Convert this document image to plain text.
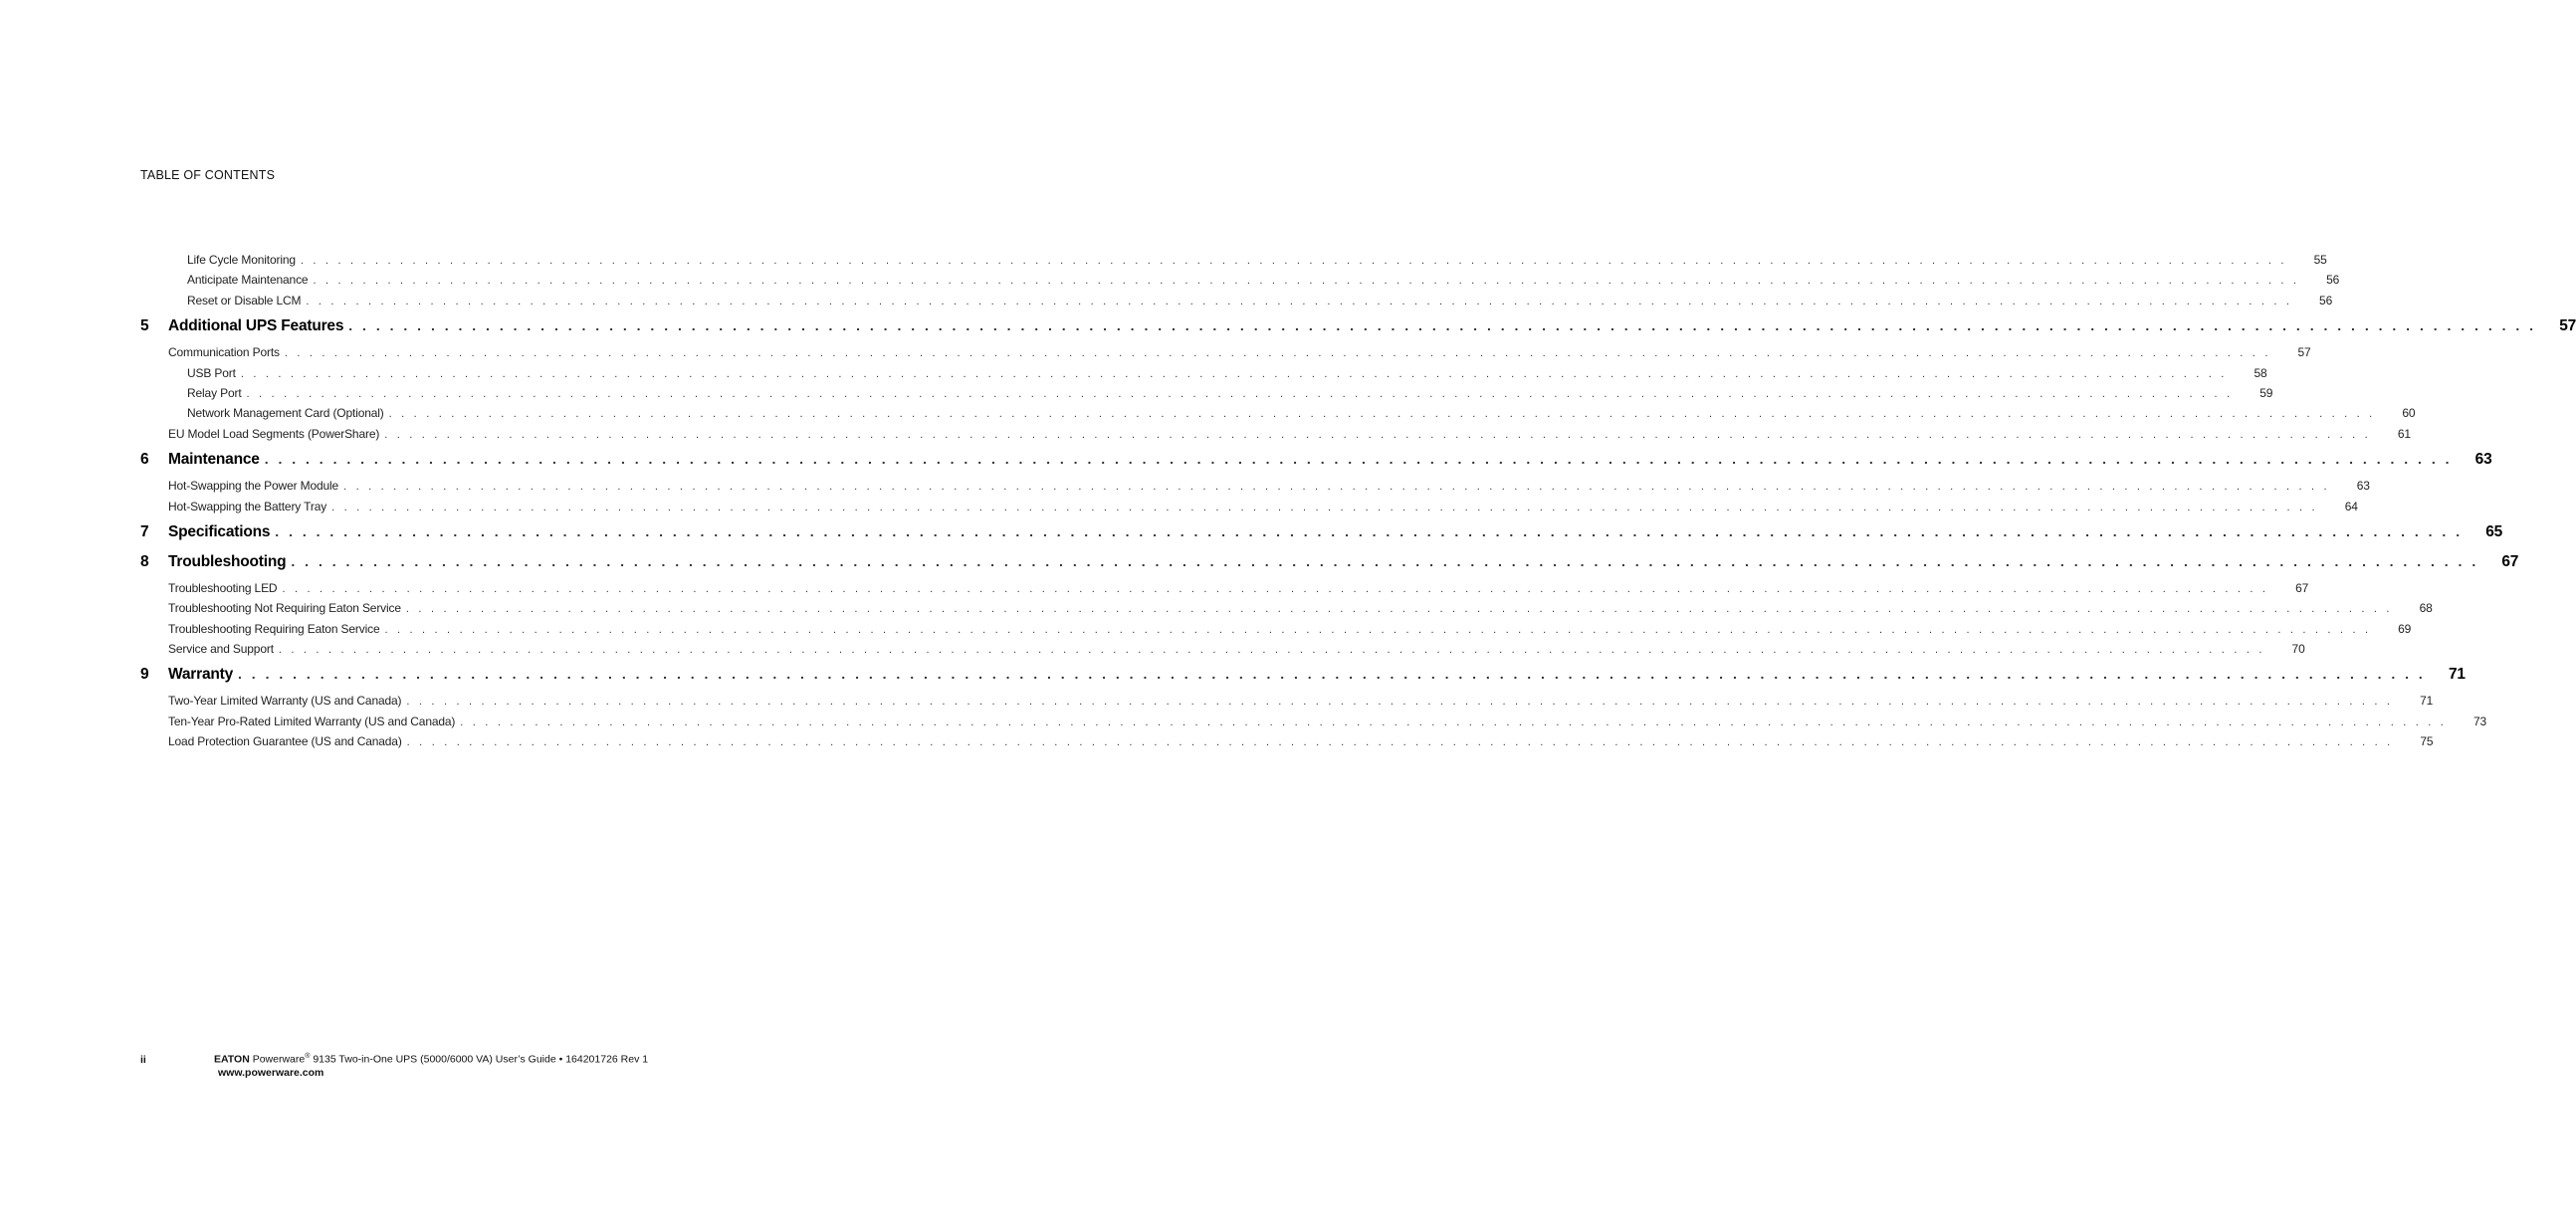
TABLE OF CONTENTS
Life Cycle Monitoring . . . . . . . . . . . . . . . . . . . . . . . . . . . . . . . . . . . . . . . . . . . . . . . . . . . . . . . . . . . . . . . . . . . . . . . . . . . . . . . . . . . . . . . . . . . . . . . . . . . . . . . . . . . . . . . . . . . . . . . . . . . . . . . . . . . . . . . . . . . . . . . . . . . . . . . . . . . . . . . .	55
Anticipate Maintenance . . . . . . . . . . . . . . . . . . . . . . . . . . . . . . . . . . . . . . . . . . . . . . . . . . . . . . . . . . . . . . . . . . . . . . . . . . . . . . . . . . . . . . . . . . . . . . . . . . . . . . . . . . . . . . . . . . . . . . . . . . . . . . . . . . . . . . . . . . . . . . . . . . . . . . . . . . . . . . . .	56
Reset or Disable LCM . . . . . . . . . . . . . . . . . . . . . . . . . . . . . . . . . . . . . . . . . . . . . . . . . . . . . . . . . . . . . . . . . . . . . . . . . . . . . . . . . . . . . . . . . . . . . . . . . . . . . . . . . . . . . . . . . . . . . . . . . . . . . . . . . . . . . . . . . . . . . . . . . . . . . . . . . . . . . . . .	56
5	Additional UPS Features . . . . . . . . . . . . . . . . . . . . . . . . . . . . . . . . . . . . . . . . . . . . . . . . . . . . . . . . . . . . . . . . . . . . . . . . . . . . . . . . . . . . . . . . . . . . . . . . . . . . . . . . . . . . . . . . . . . . . . . . . . . . . . . . . . . . . . . . . . . . . . . . . . . . . . . . . . . . . . . .	57
Communication Ports . . . . . . . . . . . . . . . . . . . . . . . . . . . . . . . . . . . . . . . . . . . . . . . . . . . . . . . . . . . . . . . . . . . . . . . . . . . . . . . . . . . . . . . . . . . . . . . . . . . . . . . . . . . . . . . . . . . . . . . . . . . . . . . . . . . . . . . . . . . . . . . . . . . . . . . . . . . . . . . .	57
USB Port . . . . . . . . . . . . . . . . . . . . . . . . . . . . . . . . . . . . . . . . . . . . . . . . . . . . . . . . . . . . . . . . . . . . . . . . . . . . . . . . . . . . . . . . . . . . . . . . . . . . . . . . . . . . . . . . . . . . . . . . . . . . . . . . . . . . . . . . . . . . . . . . . . . . . . . . . . . . . . . .	58
Relay Port . . . . . . . . . . . . . . . . . . . . . . . . . . . . . . . . . . . . . . . . . . . . . . . . . . . . . . . . . . . . . . . . . . . . . . . . . . . . . . . . . . . . . . . . . . . . . . . . . . . . . . . . . . . . . . . . . . . . . . . . . . . . . . . . . . . . . . . . . . . . . . . . . . . . . . . . . . . . . . . .	59
Network Management Card (Optional) . . . . . . . . . . . . . . . . . . . . . . . . . . . . . . . . . . . . . . . . . . . . . . . . . . . . . . . . . . . . . . . . . . . . . . . . . . . . . . . . . . . . . . . . . . . . . . . . . . . . . . . . . . . . . . . . . . . . . . . . . . . . . . . . . . . . . . . . . . . . . . . . . . . . . . . . . . . . . . . .	60
EU Model Load Segments (PowerShare) . . . . . . . . . . . . . . . . . . . . . . . . . . . . . . . . . . . . . . . . . . . . . . . . . . . . . . . . . . . . . . . . . . . . . . . . . . . . . . . . . . . . . . . . . . . . . . . . . . . . . . . . . . . . . . . . . . . . . . . . . . . . . . . . . . . . . . . . . . . . . . . . . . . . . . . . . . . . . . . .	61
6	Maintenance . . . . . . . . . . . . . . . . . . . . . . . . . . . . . . . . . . . . . . . . . . . . . . . . . . . . . . . . . . . . . . . . . . . . . . . . . . . . . . . . . . . . . . . . . . . . . . . . . . . . . . . . . . . . . . . . . . . . . . . . . . . . . . . . . . . . . . . . . . . . . . . . . . . . . . . . . . . . . . . .	63
Hot-Swapping the Power Module . . . . . . . . . . . . . . . . . . . . . . . . . . . . . . . . . . . . . . . . . . . . . . . . . . . . . . . . . . . . . . . . . . . . . . . . . . . . . . . . . . . . . . . . . . . . . . . . . . . . . . . . . . . . . . . . . . . . . . . . . . . . . . . . . . . . . . . . . . . . . . . . . . . . . . . . . . . . . . . .	63
Hot-Swapping the Battery Tray . . . . . . . . . . . . . . . . . . . . . . . . . . . . . . . . . . . . . . . . . . . . . . . . . . . . . . . . . . . . . . . . . . . . . . . . . . . . . . . . . . . . . . . . . . . . . . . . . . . . . . . . . . . . . . . . . . . . . . . . . . . . . . . . . . . . . . . . . . . . . . . . . . . . . . . . . . . . . . . .	64
7	Specifications . . . . . . . . . . . . . . . . . . . . . . . . . . . . . . . . . . . . . . . . . . . . . . . . . . . . . . . . . . . . . . . . . . . . . . . . . . . . . . . . . . . . . . . . . . . . . . . . . . . . . . . . . . . . . . . . . . . . . . . . . . . . . . . . . . . . . . . . . . . . . . . . . . . . . . . . . . . . . . . .	65
8	Troubleshooting . . . . . . . . . . . . . . . . . . . . . . . . . . . . . . . . . . . . . . . . . . . . . . . . . . . . . . . . . . . . . . . . . . . . . . . . . . . . . . . . . . . . . . . . . . . . . . . . . . . . . . . . . . . . . . . . . . . . . . . . . . . . . . . . . . . . . . . . . . . . . . . . . . . . . . . . . . . . . . . .	67
Troubleshooting LED . . . . . . . . . . . . . . . . . . . . . . . . . . . . . . . . . . . . . . . . . . . . . . . . . . . . . . . . . . . . . . . . . . . . . . . . . . . . . . . . . . . . . . . . . . . . . . . . . . . . . . . . . . . . . . . . . . . . . . . . . . . . . . . . . . . . . . . . . . . . . . . . . . . . . . . . . . . . . . . .	67
Troubleshooting Not Requiring Eaton Service . . . . . . . . . . . . . . . . . . . . . . . . . . . . . . . . . . . . . . . . . . . . . . . . . . . . . . . . . . . . . . . . . . . . . . . . . . . . . . . . . . . . . . . . . . . . . . . . . . . . . . . . . . . . . . . . . . . . . . . . . . . . . . . . . . . . . . . . . . . . . . . . . . . . . . . . . . . . . . . .	68
Troubleshooting Requiring Eaton Service . . . . . . . . . . . . . . . . . . . . . . . . . . . . . . . . . . . . . . . . . . . . . . . . . . . . . . . . . . . . . . . . . . . . . . . . . . . . . . . . . . . . . . . . . . . . . . . . . . . . . . . . . . . . . . . . . . . . . . . . . . . . . . . . . . . . . . . . . . . . . . . . . . . . . . . . . . . . . . . .	69
Service and Support . . . . . . . . . . . . . . . . . . . . . . . . . . . . . . . . . . . . . . . . . . . . . . . . . . . . . . . . . . . . . . . . . . . . . . . . . . . . . . . . . . . . . . . . . . . . . . . . . . . . . . . . . . . . . . . . . . . . . . . . . . . . . . . . . . . . . . . . . . . . . . . . . . . . . . . . . . . . . . . .	70
9	Warranty . . . . . . . . . . . . . . . . . . . . . . . . . . . . . . . . . . . . . . . . . . . . . . . . . . . . . . . . . . . . . . . . . . . . . . . . . . . . . . . . . . . . . . . . . . . . . . . . . . . . . . . . . . . . . . . . . . . . . . . . . . . . . . . . . . . . . . . . . . . . . . . . . . . . . . . . . . . . . . . .	71
Two-Year Limited Warranty (US and Canada) . . . . . . . . . . . . . . . . . . . . . . . . . . . . . . . . . . . . . . . . . . . . . . . . . . . . . . . . . . . . . . . . . . . . . . . . . . . . . . . . . . . . . . . . . . . . . . . . . . . . . . . . . . . . . . . . . . . . . . . . . . . . . . . . . . . . . . . . . . . . . . . . . . . . . . . . . . . . . . . .	71
Ten-Year Pro-Rated Limited Warranty (US and Canada) . . . . . . . . . . . . . . . . . . . . . . . . . . . . . . . . . . . . . . . . . . . . . . . . . . . . . . . . . . . . . . . . . . . . . . . . . . . . . . . . . . . . . . . . . . . . . . . . . . . . . . . . . . . . . . . . . . . . . . . . . . . . . . . . . . . . . . . . . . . . . . . . . . . . . . . . . . . . . . . .	73
Load Protection Guarantee (US and Canada) . . . . . . . . . . . . . . . . . . . . . . . . . . . . . . . . . . . . . . . . . . . . . . . . . . . . . . . . . . . . . . . . . . . . . . . . . . . . . . . . . . . . . . . . . . . . . . . . . . . . . . . . . . . . . . . . . . . . . . . . . . . . . . . . . . . . . . . . . . . . . . . . . . . . . . . . . . . . . . . .	75
ii	EATON Powerware® 9135 Two-in-One UPS (5000/6000 VA) User’s Guide • 164201726 Rev 1
www.powerware.com
